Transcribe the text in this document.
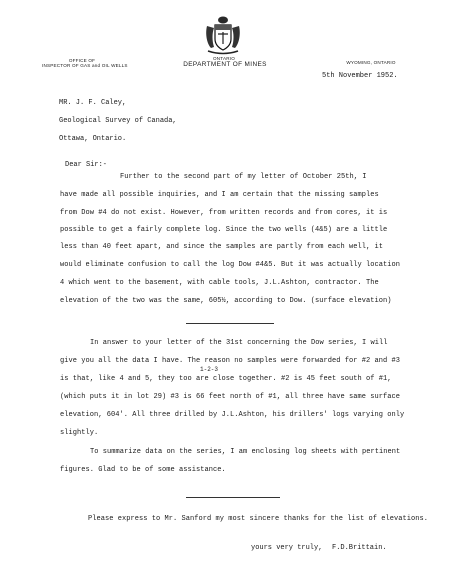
OFFICE OF
INSPECTOR OF GAS and OIL WELLS
ONTARIO
DEPARTMENT OF MINES	WYOMING, ONTARIO
5th November 1952.
MR. J. F. Caley,
Geological Survey of Canada,
Ottawa, Ontario.
Dear Sir:-
Further to the second part of my letter of October 25th, I
have made all possible inquiries, and I am certain that the missing samples
from Dow #4 do not exist. However, from written records and from cores, it is
possible to get a fairly complete log. Since the two wells (4&5) are a little
less than 40 feet apart, and since the samples are partly from each well, it
would eliminate confusion to call the log Dow #4&5. But it was actually location
4 which went to the basement, with cable tools, J.L.Ashton, contractor. The
elevation of the two was the same, 605½, according to Dow. (surface elevation)
In answer to your letter of the 31st concerning the Dow series, I will
give you all the data I have. The reason no samples were forwarded for #2 and #3
1-2-3
is that, like 4 and 5, they too are close together. #2 is 45 feet south of #1,
(which puts it in lot 29) #3 is 66 feet north of #1, all three have same surface
elevation, 604'. All three drilled by J.L.Ashton, his drillers' logs varying only
slightly.
To summarize data on the series, I am enclosing log sheets with pertinent
figures. Glad to be of some assistance.
Please express to Mr. Sanford my most sincere thanks for the list of elevations.
yours very truly, F.D.Brittain.
